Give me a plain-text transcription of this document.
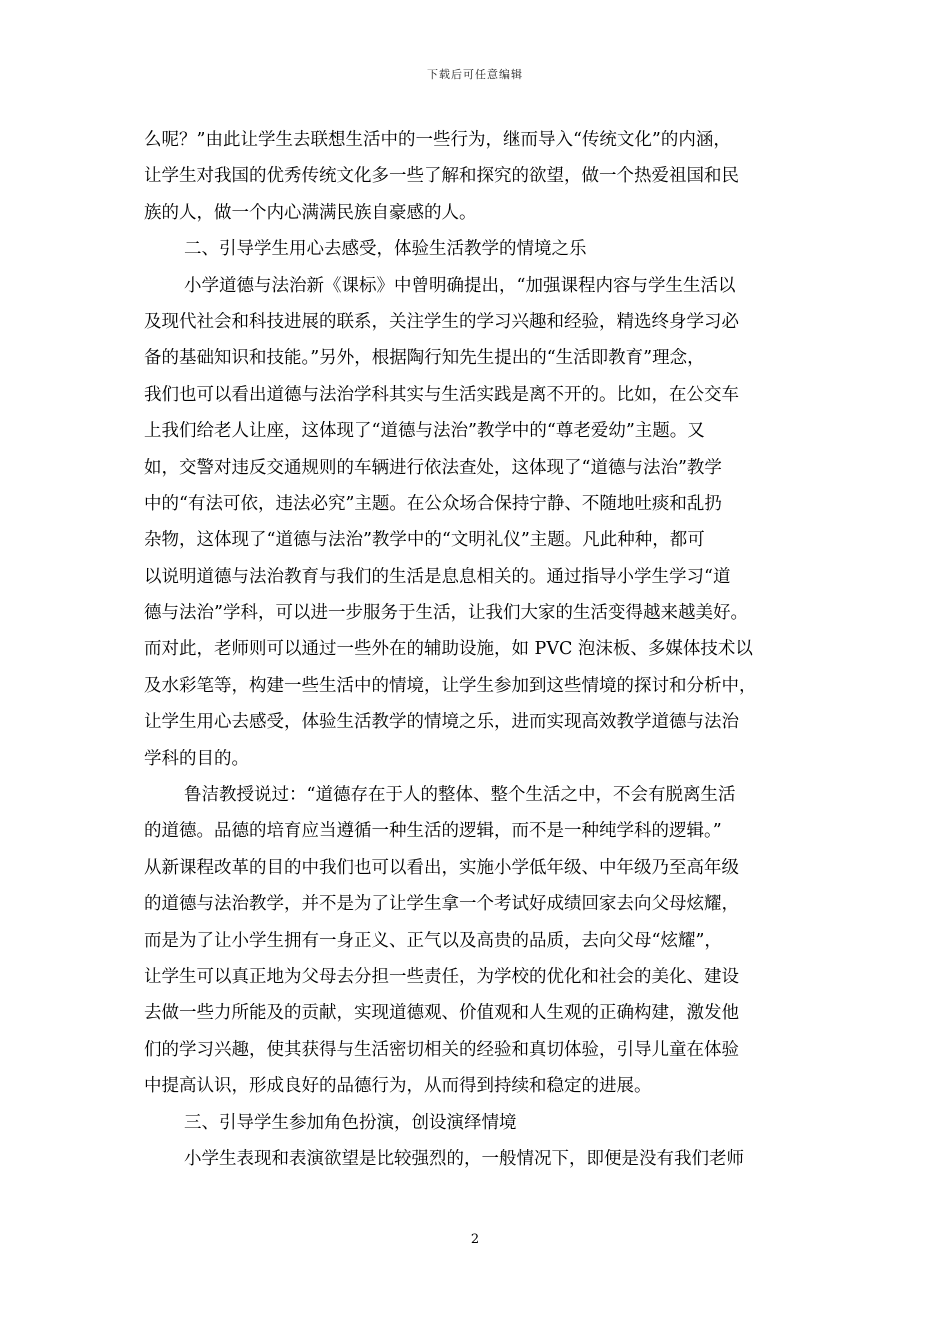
下载后可任意编辑
么呢？”由此让学生去联想生活中的一些行为，继而导入“传统文化”的内涵，
让学生对我国的优秀传统文化多一些了解和探究的欲望，做一个热爱祖国和民
族的人，做一个内心满满民族自豪感的人。
二、引导学生用心去感受，体验生活教学的情境之乐
小学道德与法治新《课标》中曾明确提出，“加强课程内容与学生生活以
及现代社会和科技进展的联系，关注学生的学习兴趣和经验，精选终身学习必
备的基础知识和技能。”另外，根据陶行知先生提出的“生活即教育”理念，
我们也可以看出道德与法治学科其实与生活实践是离不开的。比如，在公交车
上我们给老人让座，这体现了“道德与法治”教学中的“尊老爱幼”主题。又
如，交警对违反交通规则的车辆进行依法查处，这体现了“道德与法治”教学
中的“有法可依，违法必究”主题。在公众场合保持宁静、不随地吐痰和乱扔
杂物，这体现了“道德与法治”教学中的“文明礼仪”主题。凡此种种，都可
以说明道德与法治教育与我们的生活是息息相关的。通过指导小学生学习“道
德与法治”学科，可以进一步服务于生活，让我们大家的生活变得越来越美好。
而对此，老师则可以通过一些外在的辅助设施，如 PVC 泡沫板、多媒体技术以
及水彩笔等，构建一些生活中的情境，让学生参加到这些情境的探讨和分析中，
让学生用心去感受，体验生活教学的情境之乐，进而实现高效教学道德与法治
学科的目的。
鲁洁教授说过：“道德存在于人的整体、整个生活之中，不会有脱离生活
的道德。品德的培育应当遵循一种生活的逻辑，而不是一种纯学科的逻辑。”
从新课程改革的目的中我们也可以看出，实施小学低年级、中年级乃至高年级
的道德与法治教学，并不是为了让学生拿一个考试好成绩回家去向父母炫耀，
而是为了让小学生拥有一身正义、正气以及高贵的品质，去向父母“炫耀”，
让学生可以真正地为父母去分担一些责任，为学校的优化和社会的美化、建设
去做一些力所能及的贡献，实现道德观、价值观和人生观的正确构建，激发他
们的学习兴趣，使其获得与生活密切相关的经验和真切体验，引导儿童在体验
中提高认识，形成良好的品德行为，从而得到持续和稳定的进展。
三、引导学生参加角色扮演，创设演绎情境
小学生表现和表演欲望是比较强烈的，一般情况下，即便是没有我们老师
2
